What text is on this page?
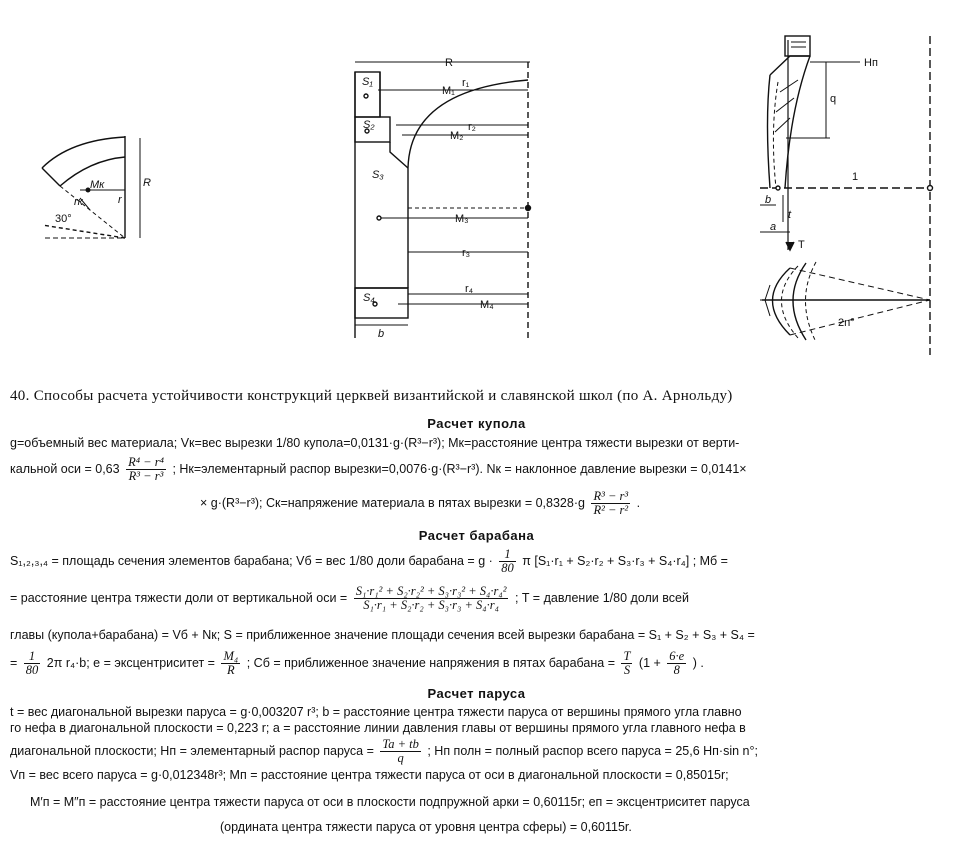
R
r
Mк
rк
30°
R
r₁
M₁
r₂
M₂
M₃
r₃
r₄
M₄
S₁
S₂
S₃
S₄
b
Hп
q
1
b
t
a
T
2n°
40. Способы расчета устойчивости конструкций церквей византийской и славянской школ (по А. Арнольду)
Расчет купола
g=объемный вес материала; Vк=вес вырезки 1/80 купола=0,0131·g·(R³−r³); Mк=расстояние центра тяжести вырезки от верти-
кальной оси = $0,63 \frac{\text{R⁴ − r⁴}}{\text{R³ − r³}}$ ; Hк=элементарный распор вырезки=0,0076·g·(R³−r³). Nк = наклонное давление вырезки = 0,0141×
× g·(R³−r³); Cк=напряжение материала в пятах вырезки = $0,8328\cdot g \frac{\text{R³ − r³}}{\text{R² − r²}}$ .
Расчет барабана
S₁,₂,₃,₄ = площадь сечения элементов барабана; Vб = вес 1/80 доли барабана = $g \cdot \frac{1}{80}$ π [S₁·r₁ + S₂·r₂ + S₃·r₃ + S₄·r₄] ; Mб =
= расстояние центра тяжести доли от вертикальной оси = $\frac{\text{S₁·r₁² + S₂·r₂² + S₃·r₃² + S₄·r₄²}}{\text{S₁·r₁ + S₂·r₂ + S₃·r₃ + S₄·r₄}}$ ; T = давление 1/80 доли всей
главы (купола+барабана) = Vб + Nк; S = приближенное значение площади сечения всей вырезки барабана = S₁ + S₂ + S₃ + S₄ =
= $\frac{1}{80} 2\pi$ r₄·b; e = эксцентриситет = $\frac{\text{M₄}}{R}$ ; Cб = приближенное значение напряжения в пятах барабана = $\frac{T}{S} (1 + \frac{6\cdot e}{8}$ ) .
Расчет паруса
t = вес диагональной вырезки паруса = g·0,003207 r³; b = расстояние центра тяжести паруса от вершины прямого угла главно
го нефа в диагональной плоскости = 0,223 r; a = расстояние линии давления главы от вершины прямого угла главного нефа в
диагональной плоскости; Hп = элементарный распор паруса = $\frac{Ta + tb}{q}$ ; Hп полн = полный распор всего паруса = 25,6 Hп·sin n°;
Vп = вес всего паруса = g·0,012348r³; Mп = расстояние центра тяжести паруса от оси в диагональной плоскости = 0,85015r;
M′п = M″п = расстояние центра тяжести паруса от оси в плоскости подпружной арки = 0,60115r; eп = эксцентриситет паруса
(ордината центра тяжести паруса от уровня центра сферы) = 0,60115r.
